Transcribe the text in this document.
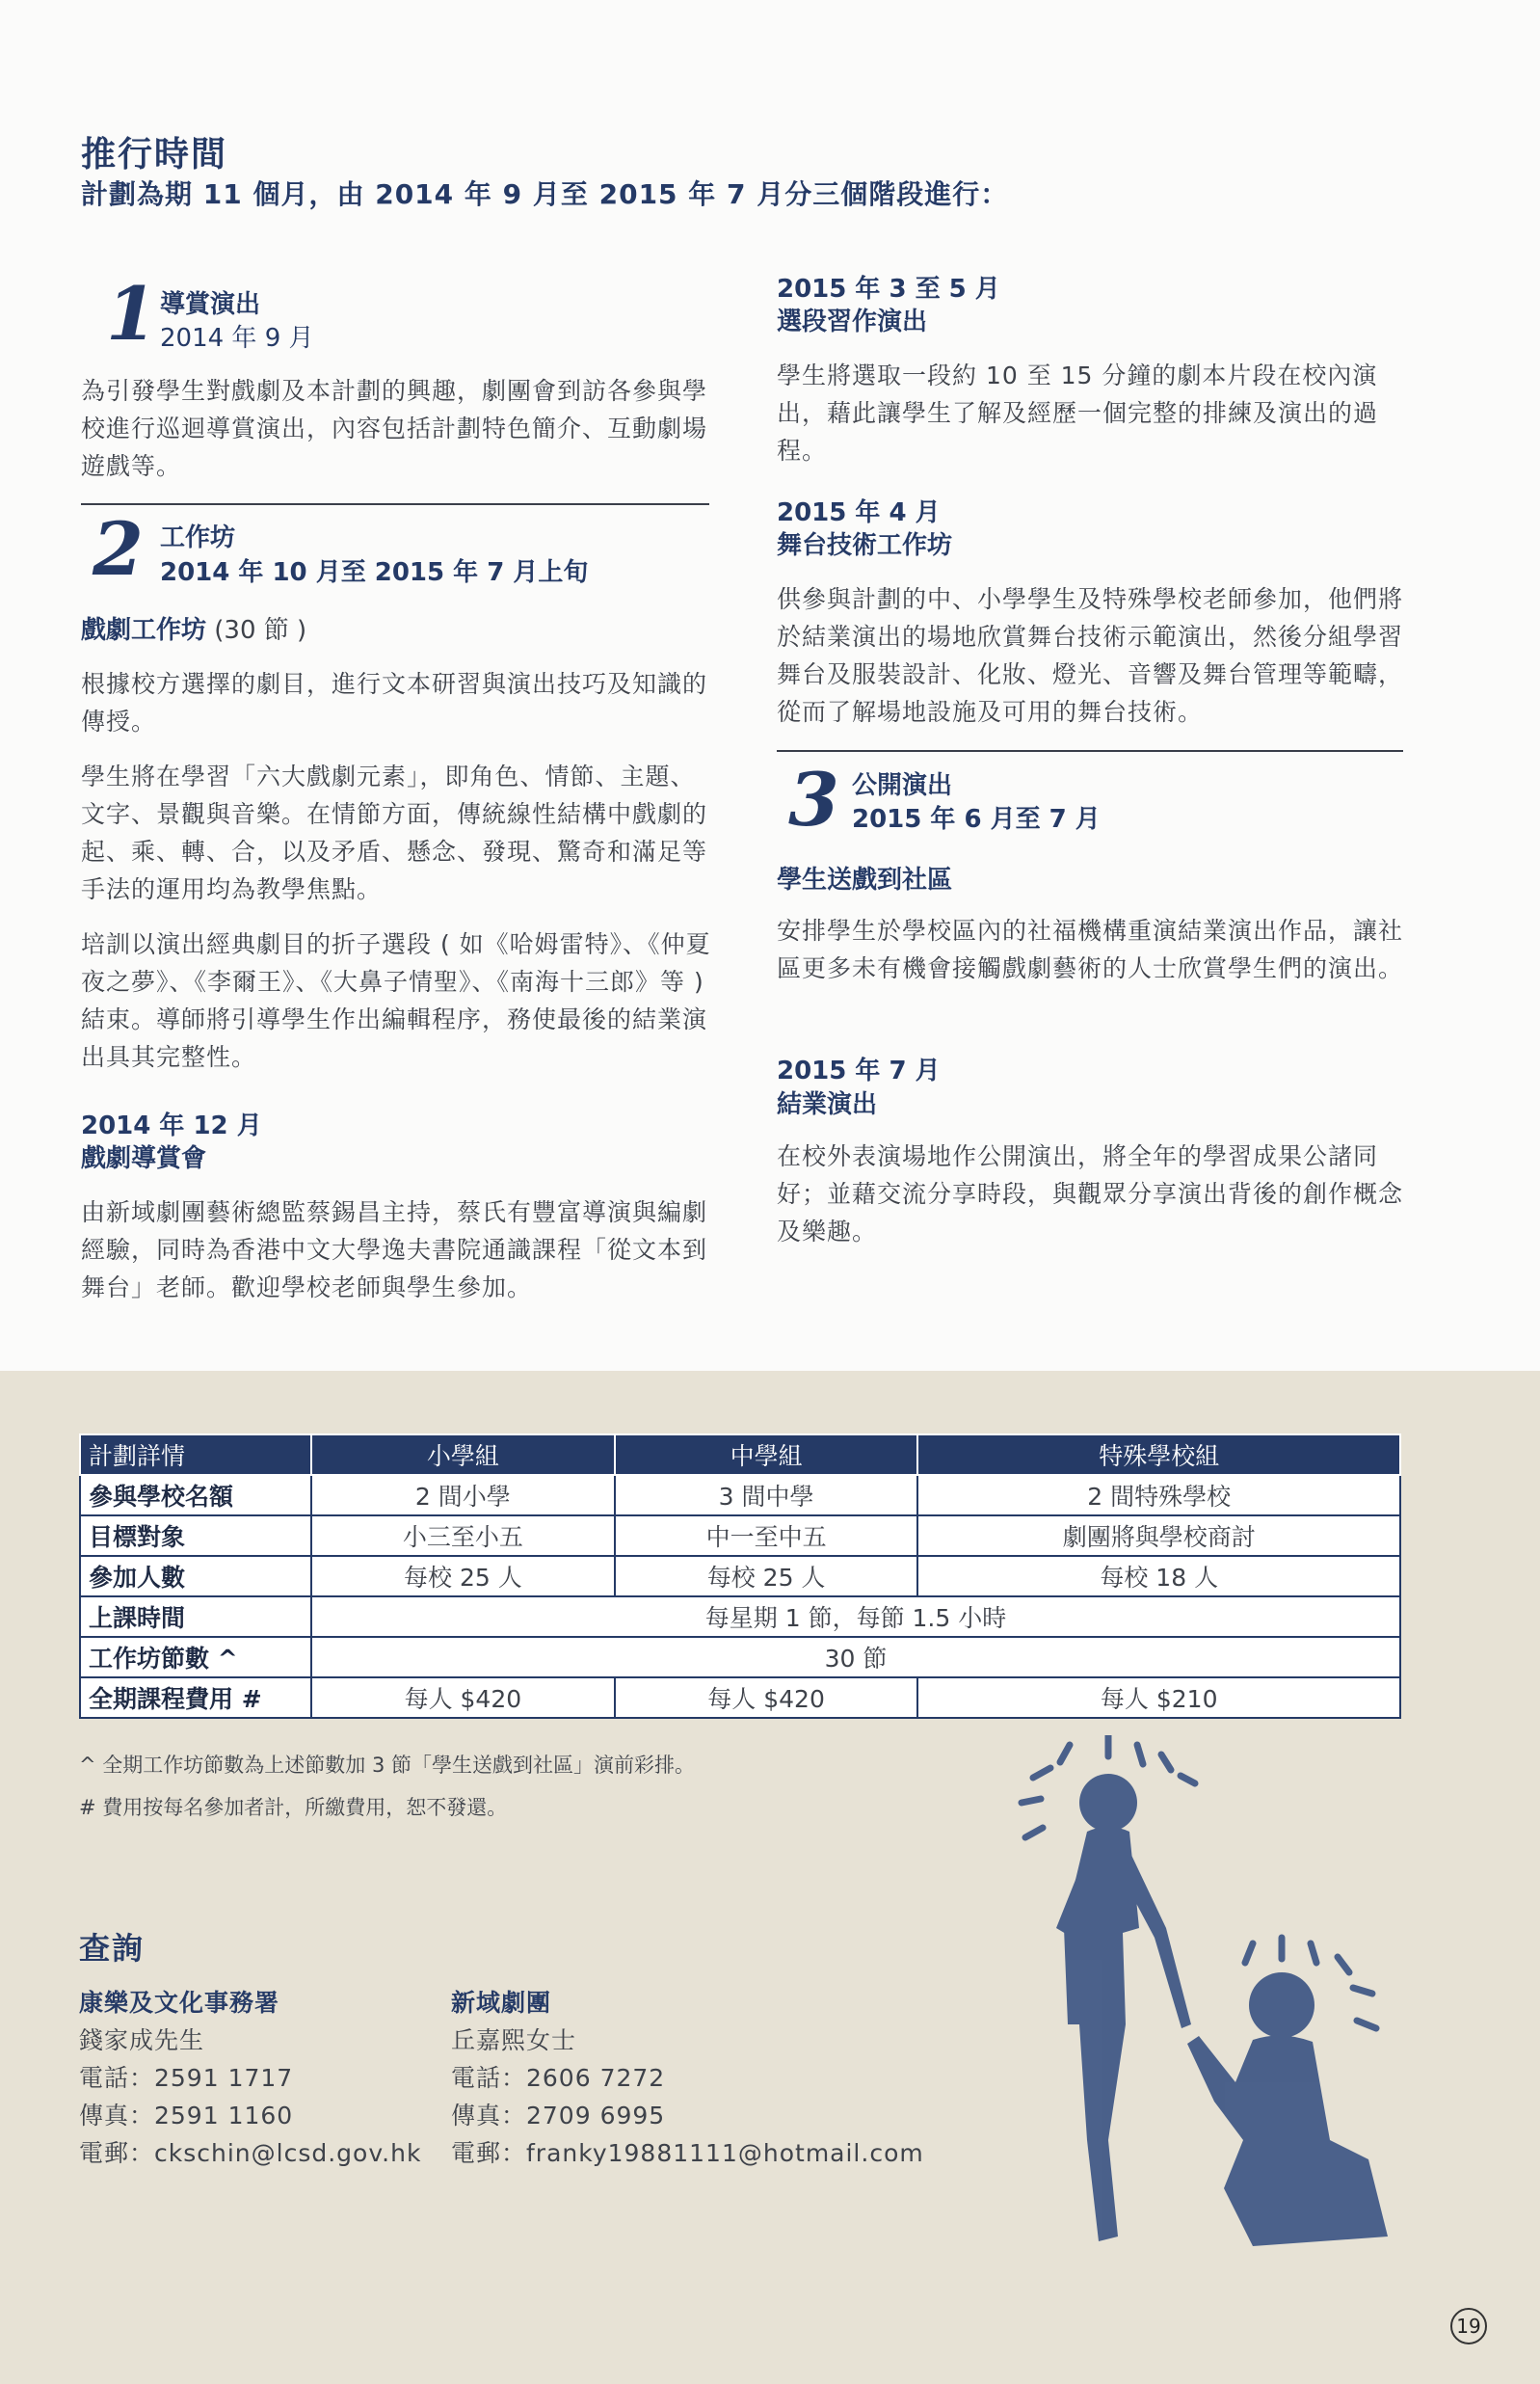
推行時間
計劃為期 11 個月，由 2014 年 9 月至 2015 年 7 月分三個階段進行：
1 導賞演出
2014 年 9 月
為引發學生對戲劇及本計劃的興趣，劇團會到訪各參與學校進行巡迴導賞演出，內容包括計劃特色簡介、互動劇場遊戲等。
2 工作坊
2014 年 10 月至 2015 年 7 月上旬
戲劇工作坊 (30 節 )
根據校方選擇的劇目，進行文本研習與演出技巧及知識的傳授。
學生將在學習「六大戲劇元素」，即角色、情節、主題、文字、景觀與音樂。在情節方面，傳統線性結構中戲劇的起、乘、轉、合，以及矛盾、懸念、發現、驚奇和滿足等手法的運用均為教學焦點。
培訓以演出經典劇目的折子選段 ( 如《哈姆雷特》、《仲夏夜之夢》、《李爾王》、《大鼻子情聖》、《南海十三郎》等 ) 結束。導師將引導學生作出編輯程序，務使最後的結業演出具其完整性。
2014 年 12 月
戲劇導賞會
由新域劇團藝術總監蔡錫昌主持，蔡氏有豐富導演與編劇經驗，同時為香港中文大學逸夫書院通識課程「從文本到舞台」老師。歡迎學校老師與學生參加。
2015 年 3 至 5 月
選段習作演出
學生將選取一段約 10 至 15 分鐘的劇本片段在校內演出，藉此讓學生了解及經歷一個完整的排練及演出的過程。
2015 年 4 月
舞台技術工作坊
供參與計劃的中、小學學生及特殊學校老師參加，他們將於結業演出的場地欣賞舞台技術示範演出，然後分組學習舞台及服裝設計、化妝、燈光、音響及舞台管理等範疇，從而了解場地設施及可用的舞台技術。
3 公開演出
2015 年 6 月至 7 月
學生送戲到社區
安排學生於學校區內的社福機構重演結業演出作品，讓社區更多未有機會接觸戲劇藝術的人士欣賞學生們的演出。
2015 年 7 月
結業演出
在校外表演場地作公開演出，將全年的學習成果公諸同好；並藉交流分享時段，與觀眾分享演出背後的創作概念及樂趣。
計劃詳情	小學組	中學組	特殊學校組
參與學校名額	2 間小學	3 間中學	2 間特殊學校
目標對象	小三至小五	中一至中五	劇團將與學校商討
參加人數	每校 25 人	每校 25 人	每校 18 人
上課時間	每星期 1 節，每節 1.5 小時		
工作坊節數 ^	30 節		
全期課程費用 #	每人 $420	每人 $420	每人 $210
^ 全期工作坊節數為上述節數加 3 節「學生送戲到社區」演前彩排。
# 費用按每名參加者計，所繳費用，恕不發還。
查詢
康樂及文化事務署
錢家成先生
電話：2591 1717
傳真：2591 1160
電郵：ckschin@lcsd.gov.hk
新域劇團
丘嘉熙女士
電話：2606 7272
傳真：2709 6995
電郵：franky19881111@hotmail.com
19
